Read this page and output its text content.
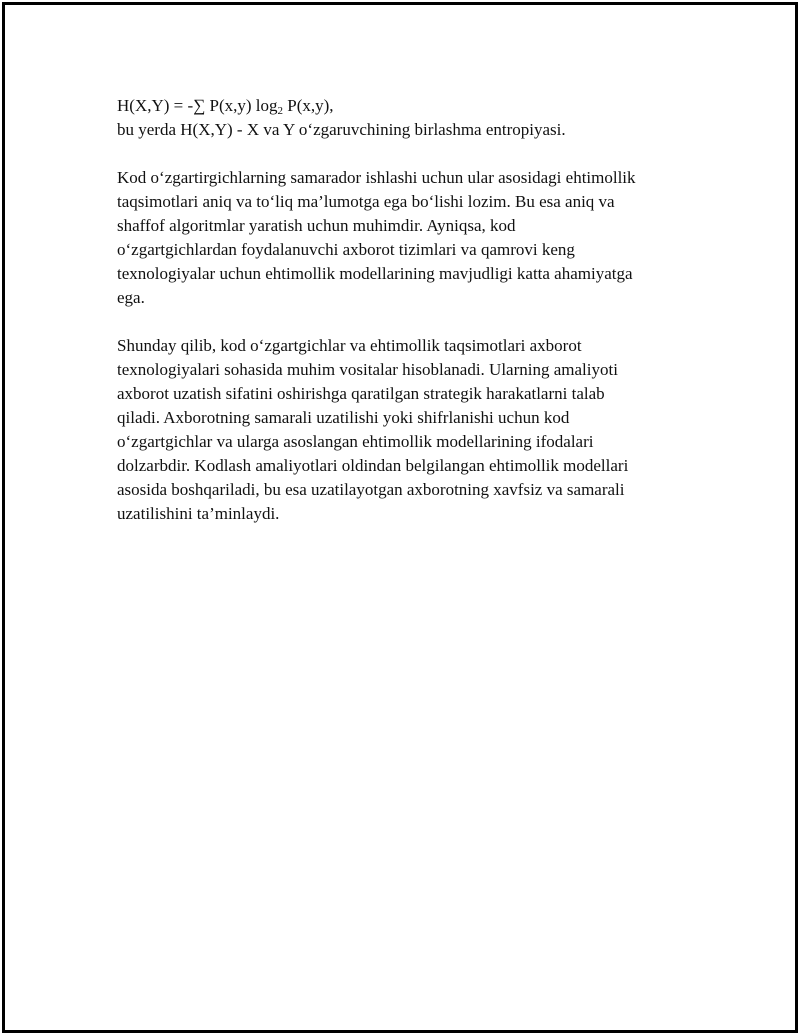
H(X,Y) = -∑ P(x,y) $\log_2 P(x,y)$,

bu yerda H(X,Y) - X va Y o‘zgaruvchining birlashma entropiyasi.

Kod o‘zgartirgichlarning samarador ishlashi uchun ular asosidagi ehtimollik

taqsimotlari aniq va to‘liq ma’lumotga ega bo‘lishi lozim. Bu esa aniq va

shaffof algoritmlar yaratish uchun muhimdir. Ayniqsa, kod

o‘zgartgichlardan foydalanuvchi axborot tizimlari va qamrovi keng

texnologiyalar uchun ehtimollik modellarining mavjudligi katta ahamiyatga

ega.

Shunday qilib, kod o‘zgartgichlar va ehtimollik taqsimotlari axborot

texnologiyalari sohasida muhim vositalar hisoblanadi. Ularning amaliyoti

axborot uzatish sifatini oshirishga qaratilgan strategik harakatlarni talab

qiladi. Axborotning samarali uzatilishi yoki shifrlanishi uchun kod

o‘zgartgichlar va ularga asoslangan ehtimollik modellarining ifodalari

dolzarbdir. Kodlash amaliyotlari oldindan belgilangan ehtimollik modellari

asosida boshqariladi, bu esa uzatilayotgan axborotning xavfsiz va samarali

uzatilishini ta’minlaydi.
